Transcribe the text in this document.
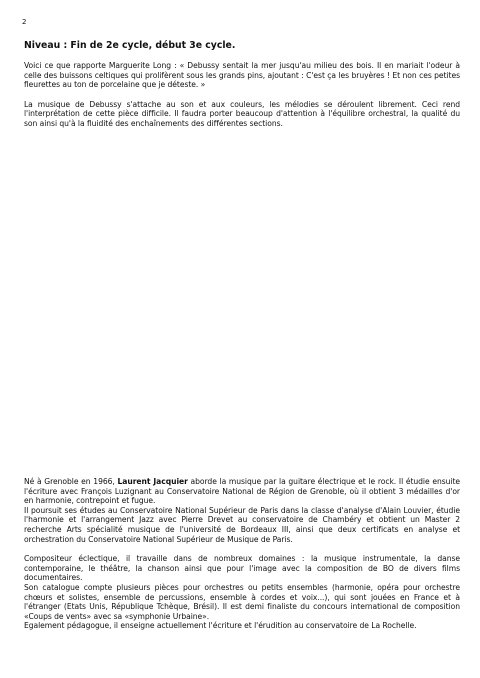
2

Niveau : Fin de 2e cycle, début 3e cycle.

Voici ce que rapporte Marguerite Long : « Debussy sentait la mer jusqu'au milieu des bois. Il en mariait l'odeur à celle des buissons celtiques qui prolifèrent sous les grands pins, ajoutant : C'est ça les bruyères ! Et non ces petites fleurettes au ton de porcelaine que je déteste. »

La musique de Debussy s'attache au son et aux couleurs, les mélodies se déroulent librement. Ceci rend l'interprétation de cette pièce difficile. Il faudra porter beaucoup d'attention à l'équilibre orchestral, la qualité du son ainsi qu'à la fluidité des enchaînements des différentes sections.

Né à Grenoble en 1966, Laurent Jacquier aborde la musique par la guitare électrique et le rock. Il étudie ensuite l'écriture avec François Luzignant au Conservatoire National de Région de Grenoble, où il obtient 3 médailles d'or en harmonie, contrepoint et fugue.

Il poursuit ses études au Conservatoire National Supérieur de Paris dans la classe d'analyse d'Alain Louvier, étudie l'harmonie et l'arrangement Jazz avec Pierre Drevet au conservatoire de Chambéry et obtient un Master 2 recherche Arts spécialité musique de l'université de Bordeaux III, ainsi que deux certificats en analyse et orchestration du Conservatoire National Supérieur de Musique de Paris.

Compositeur éclectique, il travaille dans de nombreux domaines : la musique instrumentale, la danse contemporaine, le théâtre, la chanson ainsi que pour l'image avec la composition de BO de divers films documentaires.

Son catalogue compte plusieurs pièces pour orchestres ou petits ensembles (harmonie, opéra pour orchestre chœurs et solistes, ensemble de percussions, ensemble à cordes et voix...), qui sont jouées en France et à l'étranger (Etats Unis, République Tchèque, Brésil). Il est demi finaliste du concours international de composition «Coups de vents» avec sa «symphonie Urbaine».

Egalement pédagogue, il enseigne actuellement l'écriture et l'érudition au conservatoire de La Rochelle.
